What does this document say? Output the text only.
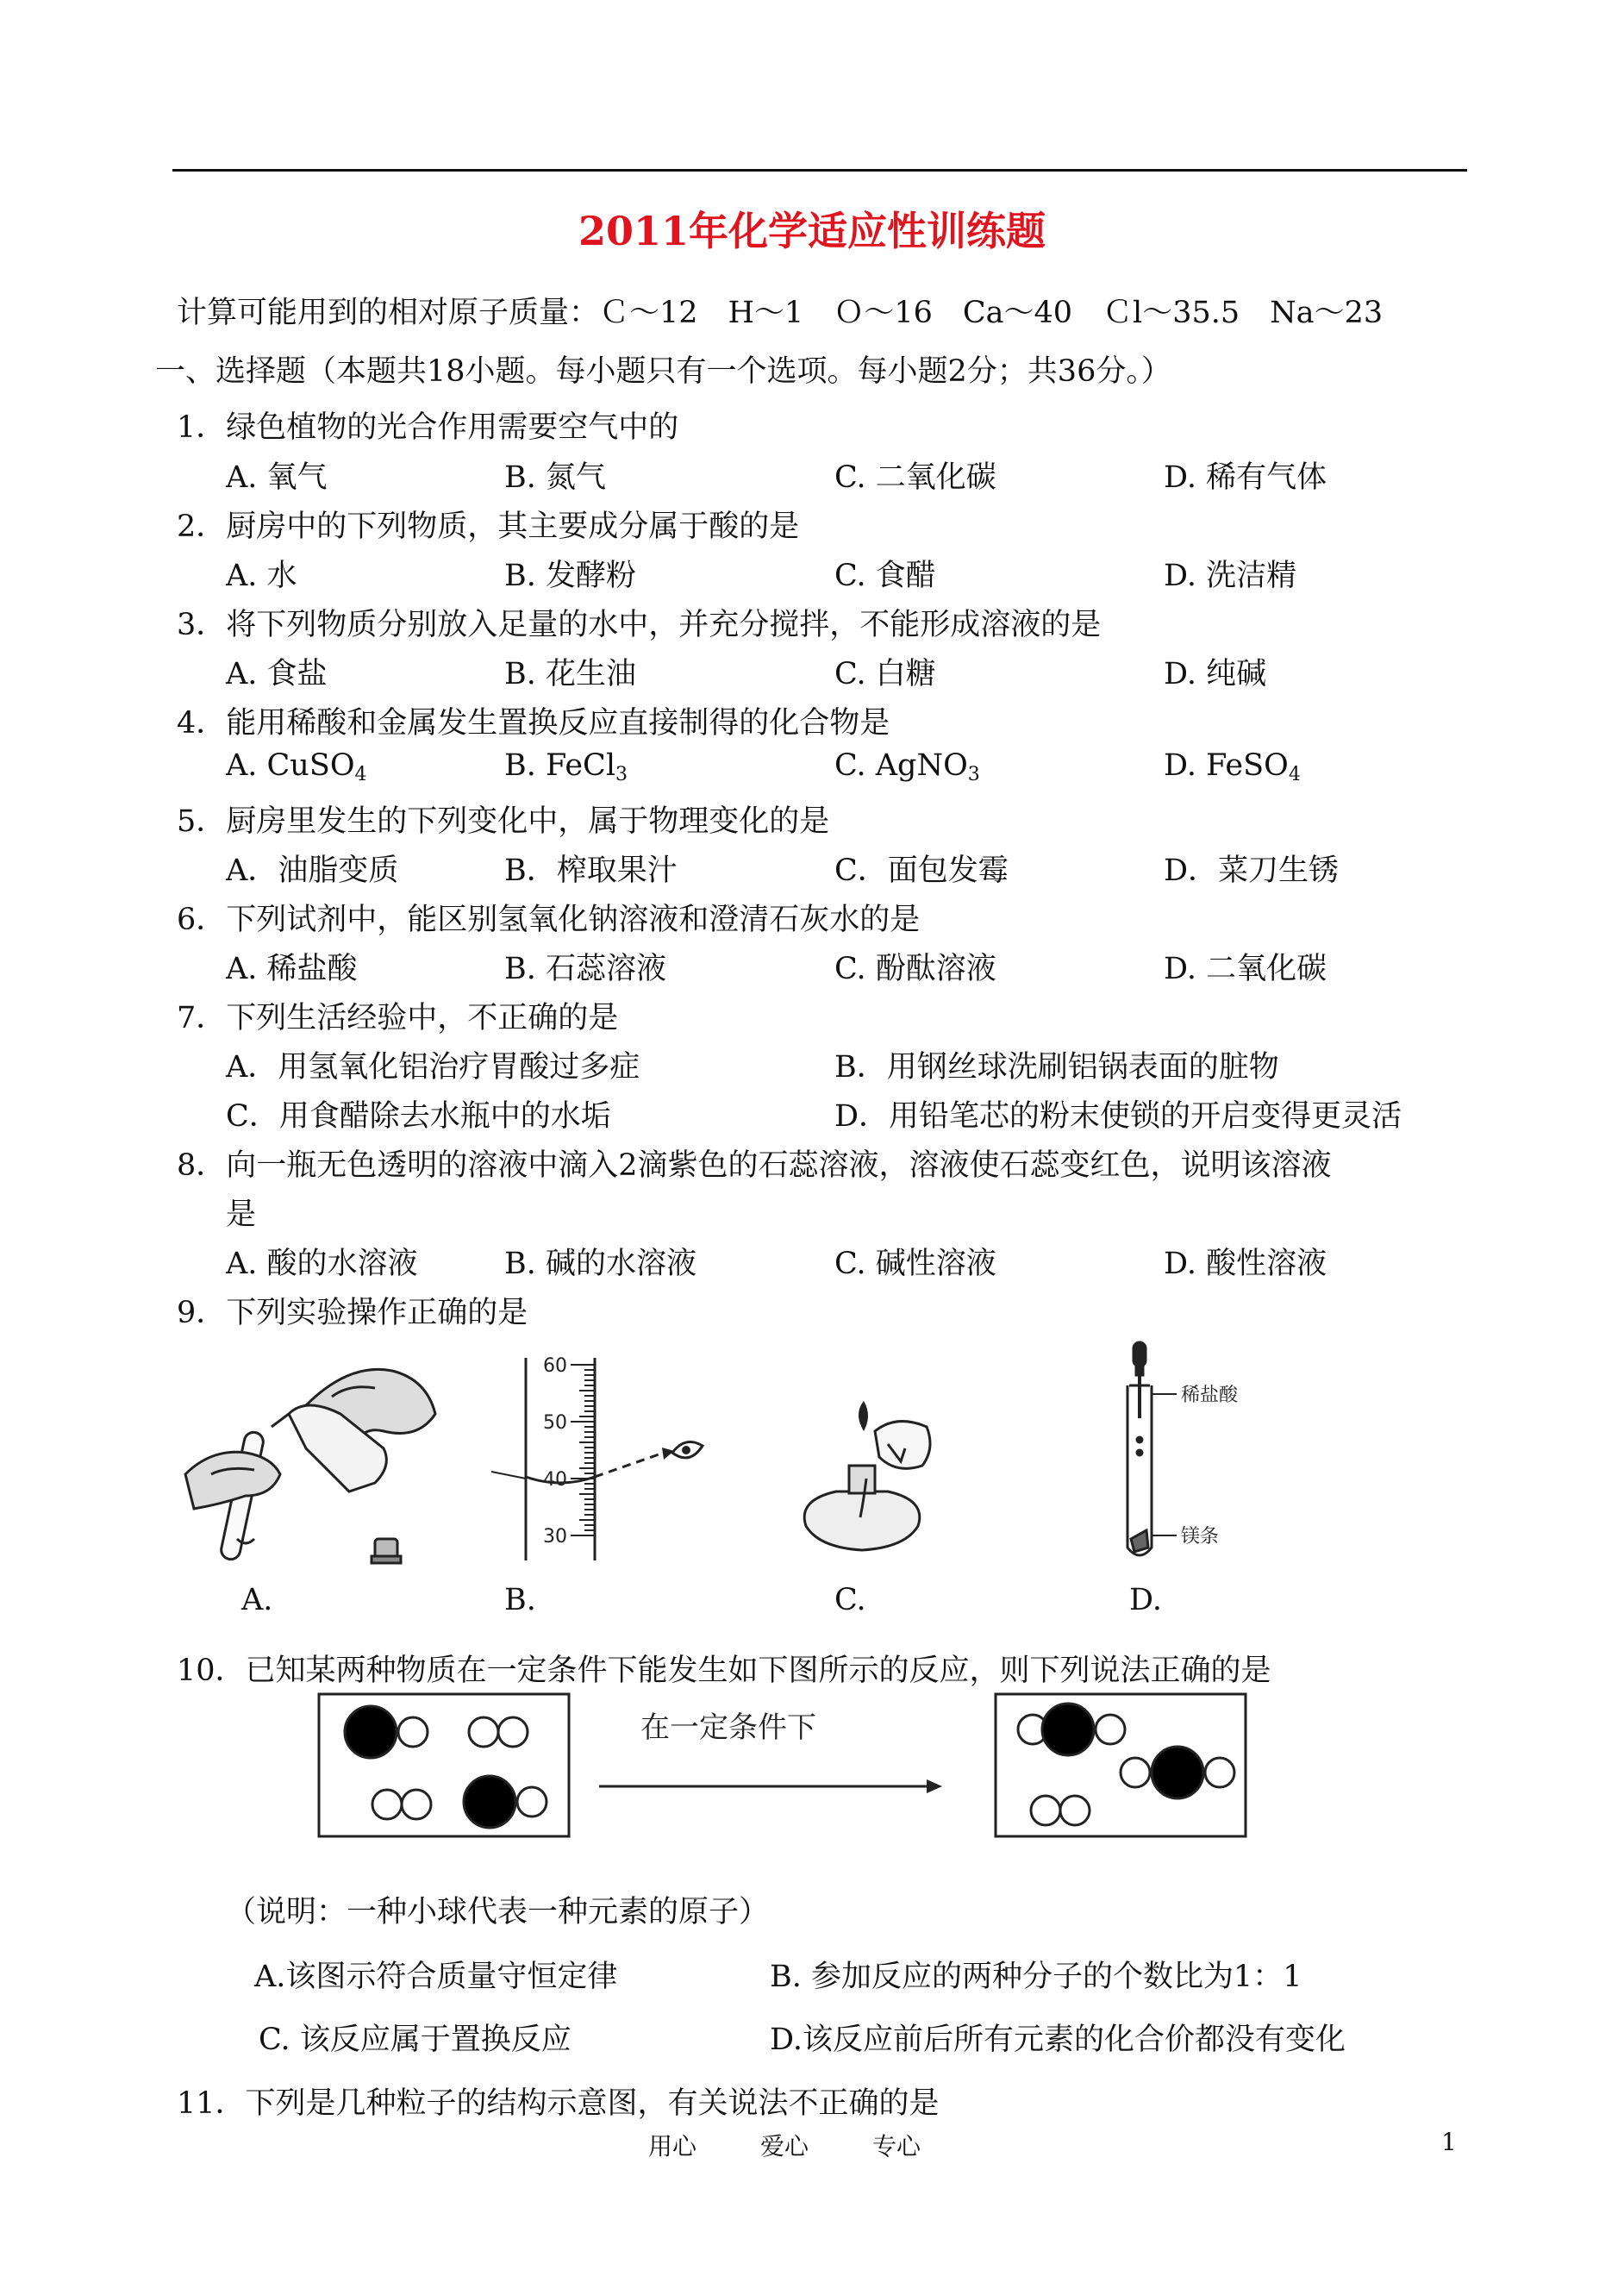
2011年化学适应性训练题
计算可能用到的相对原子质量：Ｃ～12　H～1　Ｏ～16　Ca～40　Ｃl～35.5　Na～23
一、选择题（本题共18小题。每小题只有一个选项。每小题2分；共36分。）
1．绿色植物的光合作用需要空气中的
A. 氧气	B. 氮气	C. 二氧化碳	D. 稀有气体
2．厨房中的下列物质，其主要成分属于酸的是
A. 水	B. 发酵粉	C. 食醋	D. 洗洁精
3．将下列物质分别放入足量的水中，并充分搅拌，不能形成溶液的是
A. 食盐	B. 花生油	C. 白糖	D. 纯碱
4．能用稀酸和金属发生置换反应直接制得的化合物是
A. CuSO$_4$	B. FeCl$_3$	C. AgNO$_3$	D. FeSO$_4$
5．厨房里发生的下列变化中，属于物理变化的是
A．油脂变质	B．榨取果汁	C．面包发霉	D．菜刀生锈
6．下列试剂中，能区别氢氧化钠溶液和澄清石灰水的是
A. 稀盐酸	B. 石蕊溶液	C. 酚酞溶液	D. 二氧化碳
7．下列生活经验中，不正确的是
A．用氢氧化铝治疗胃酸过多症	B．用钢丝球洗刷铝锅表面的脏物
C．用食醋除去水瓶中的水垢	D．用铅笔芯的粉末使锁的开启变得更灵活
8．向一瓶无色透明的溶液中滴入2滴紫色的石蕊溶液，溶液使石蕊变红色，说明该溶液
是
A. 酸的水溶液	B. 碱的水溶液	C. 碱性溶液	D. 酸性溶液
9．下列实验操作正确的是
60
50
40
30
稀盐酸
镁条
A.	B.	C.	D.
10．已知某两种物质在一定条件下能发生如下图所示的反应，则下列说法正确的是
在一定条件下
（说明：一种小球代表一种元素的原子）
A.该图示符合质量守恒定律	B. 参加反应的两种分子的个数比为1：1
C. 该反应属于置换反应	D.该反应前后所有元素的化合价都没有变化
11．下列是几种粒子的结构示意图，有关说法不正确的是
用心	爱心	专心	1
